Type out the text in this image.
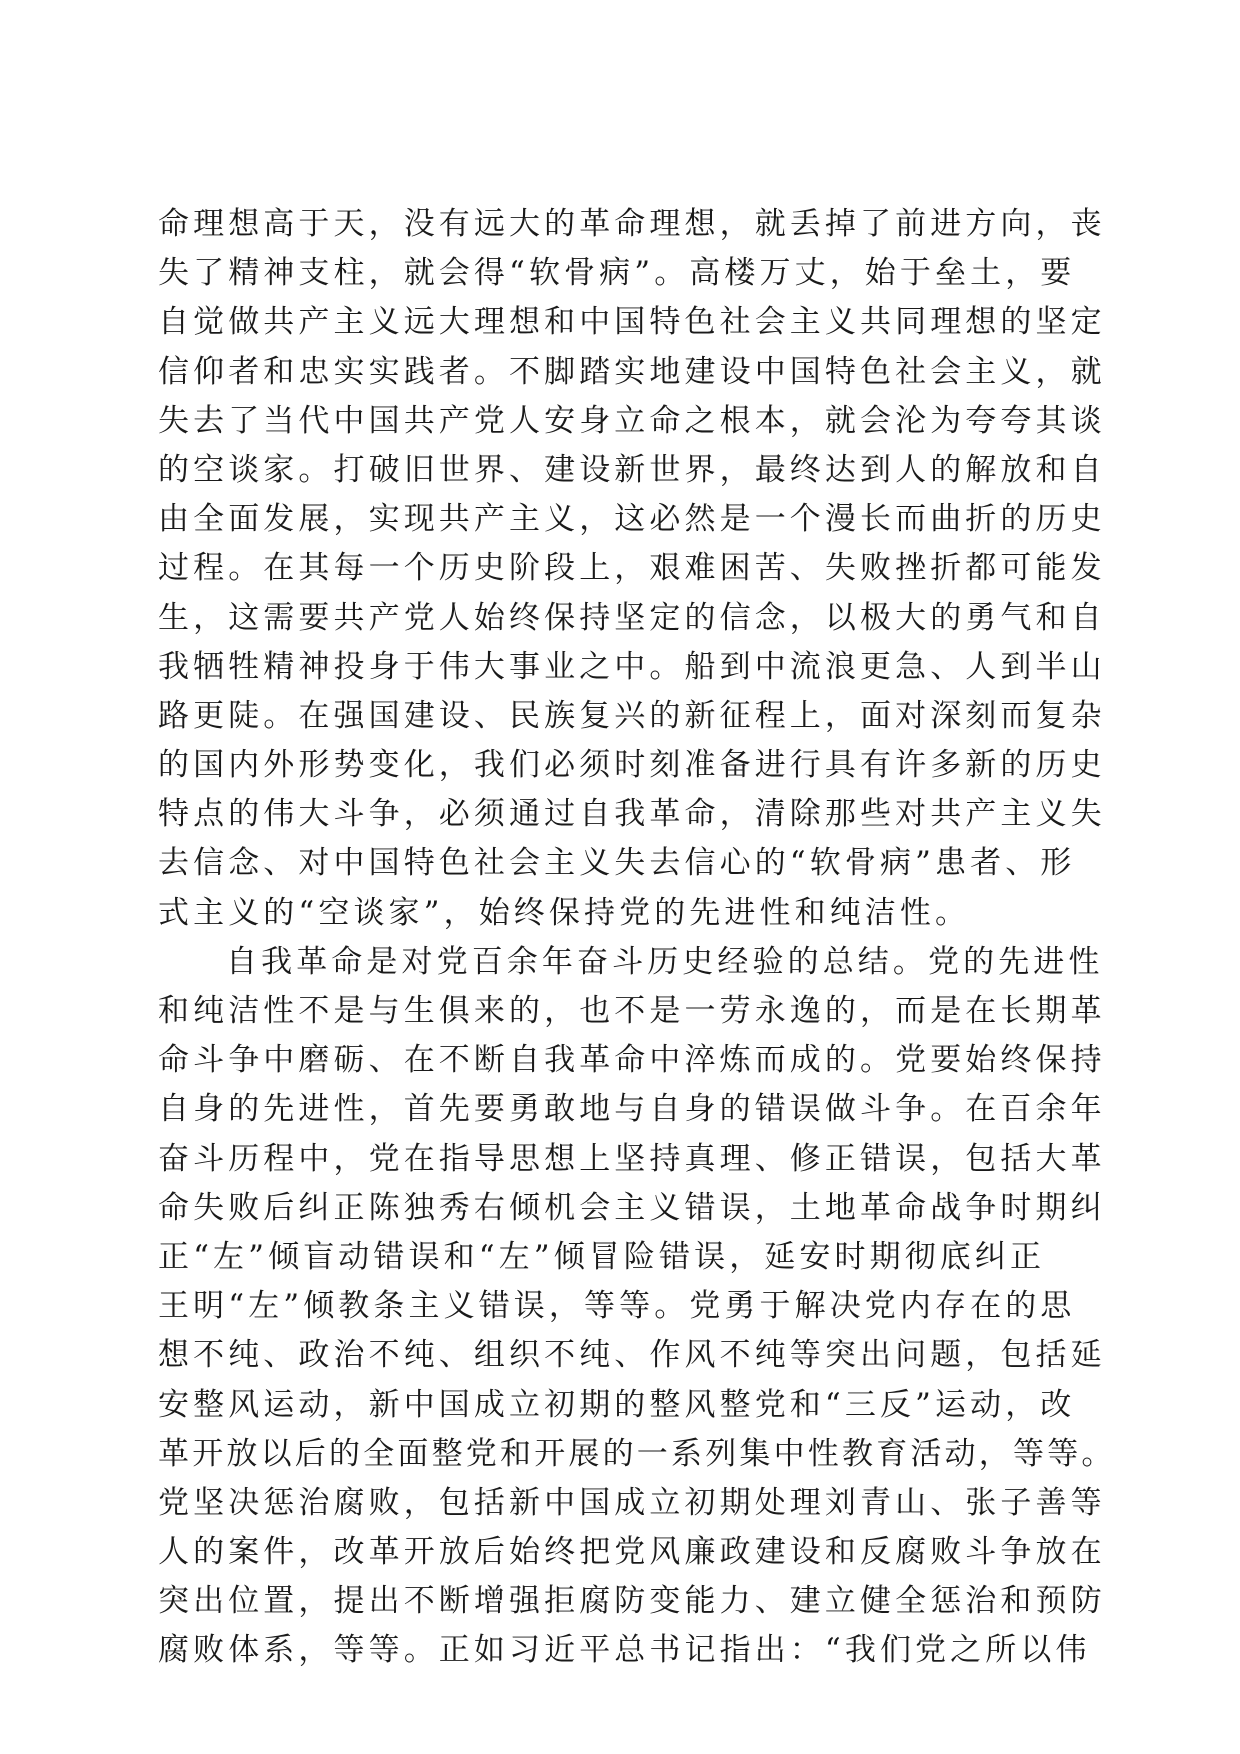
命理想高于天，没有远大的革命理想，就丢掉了前进方向，丧
失了精神支柱，就会得“软骨病”。高楼万丈，始于垒土，要
自觉做共产主义远大理想和中国特色社会主义共同理想的坚定
信仰者和忠实实践者。不脚踏实地建设中国特色社会主义，就
失去了当代中国共产党人安身立命之根本，就会沦为夸夸其谈
的空谈家。打破旧世界、建设新世界，最终达到人的解放和自
由全面发展，实现共产主义，这必然是一个漫长而曲折的历史
过程。在其每一个历史阶段上，艰难困苦、失败挫折都可能发
生，这需要共产党人始终保持坚定的信念，以极大的勇气和自
我牺牲精神投身于伟大事业之中。船到中流浪更急、人到半山
路更陡。在强国建设、民族复兴的新征程上，面对深刻而复杂
的国内外形势变化，我们必须时刻准备进行具有许多新的历史
特点的伟大斗争，必须通过自我革命，清除那些对共产主义失
去信念、对中国特色社会主义失去信心的“软骨病”患者、形
式主义的“空谈家”，始终保持党的先进性和纯洁性。
自我革命是对党百余年奋斗历史经验的总结。党的先进性
和纯洁性不是与生俱来的，也不是一劳永逸的，而是在长期革
命斗争中磨砺、在不断自我革命中淬炼而成的。党要始终保持
自身的先进性，首先要勇敢地与自身的错误做斗争。在百余年
奋斗历程中，党在指导思想上坚持真理、修正错误，包括大革
命失败后纠正陈独秀右倾机会主义错误，土地革命战争时期纠
正“左”倾盲动错误和“左”倾冒险错误，延安时期彻底纠正
王明“左”倾教条主义错误，等等。党勇于解决党内存在的思
想不纯、政治不纯、组织不纯、作风不纯等突出问题，包括延
安整风运动，新中国成立初期的整风整党和“三反”运动，改
革开放以后的全面整党和开展的一系列集中性教育活动，等等。
党坚决惩治腐败，包括新中国成立初期处理刘青山、张子善等
人的案件，改革开放后始终把党风廉政建设和反腐败斗争放在
突出位置，提出不断增强拒腐防变能力、建立健全惩治和预防
腐败体系，等等。正如习近平总书记指出：“我们党之所以伟
